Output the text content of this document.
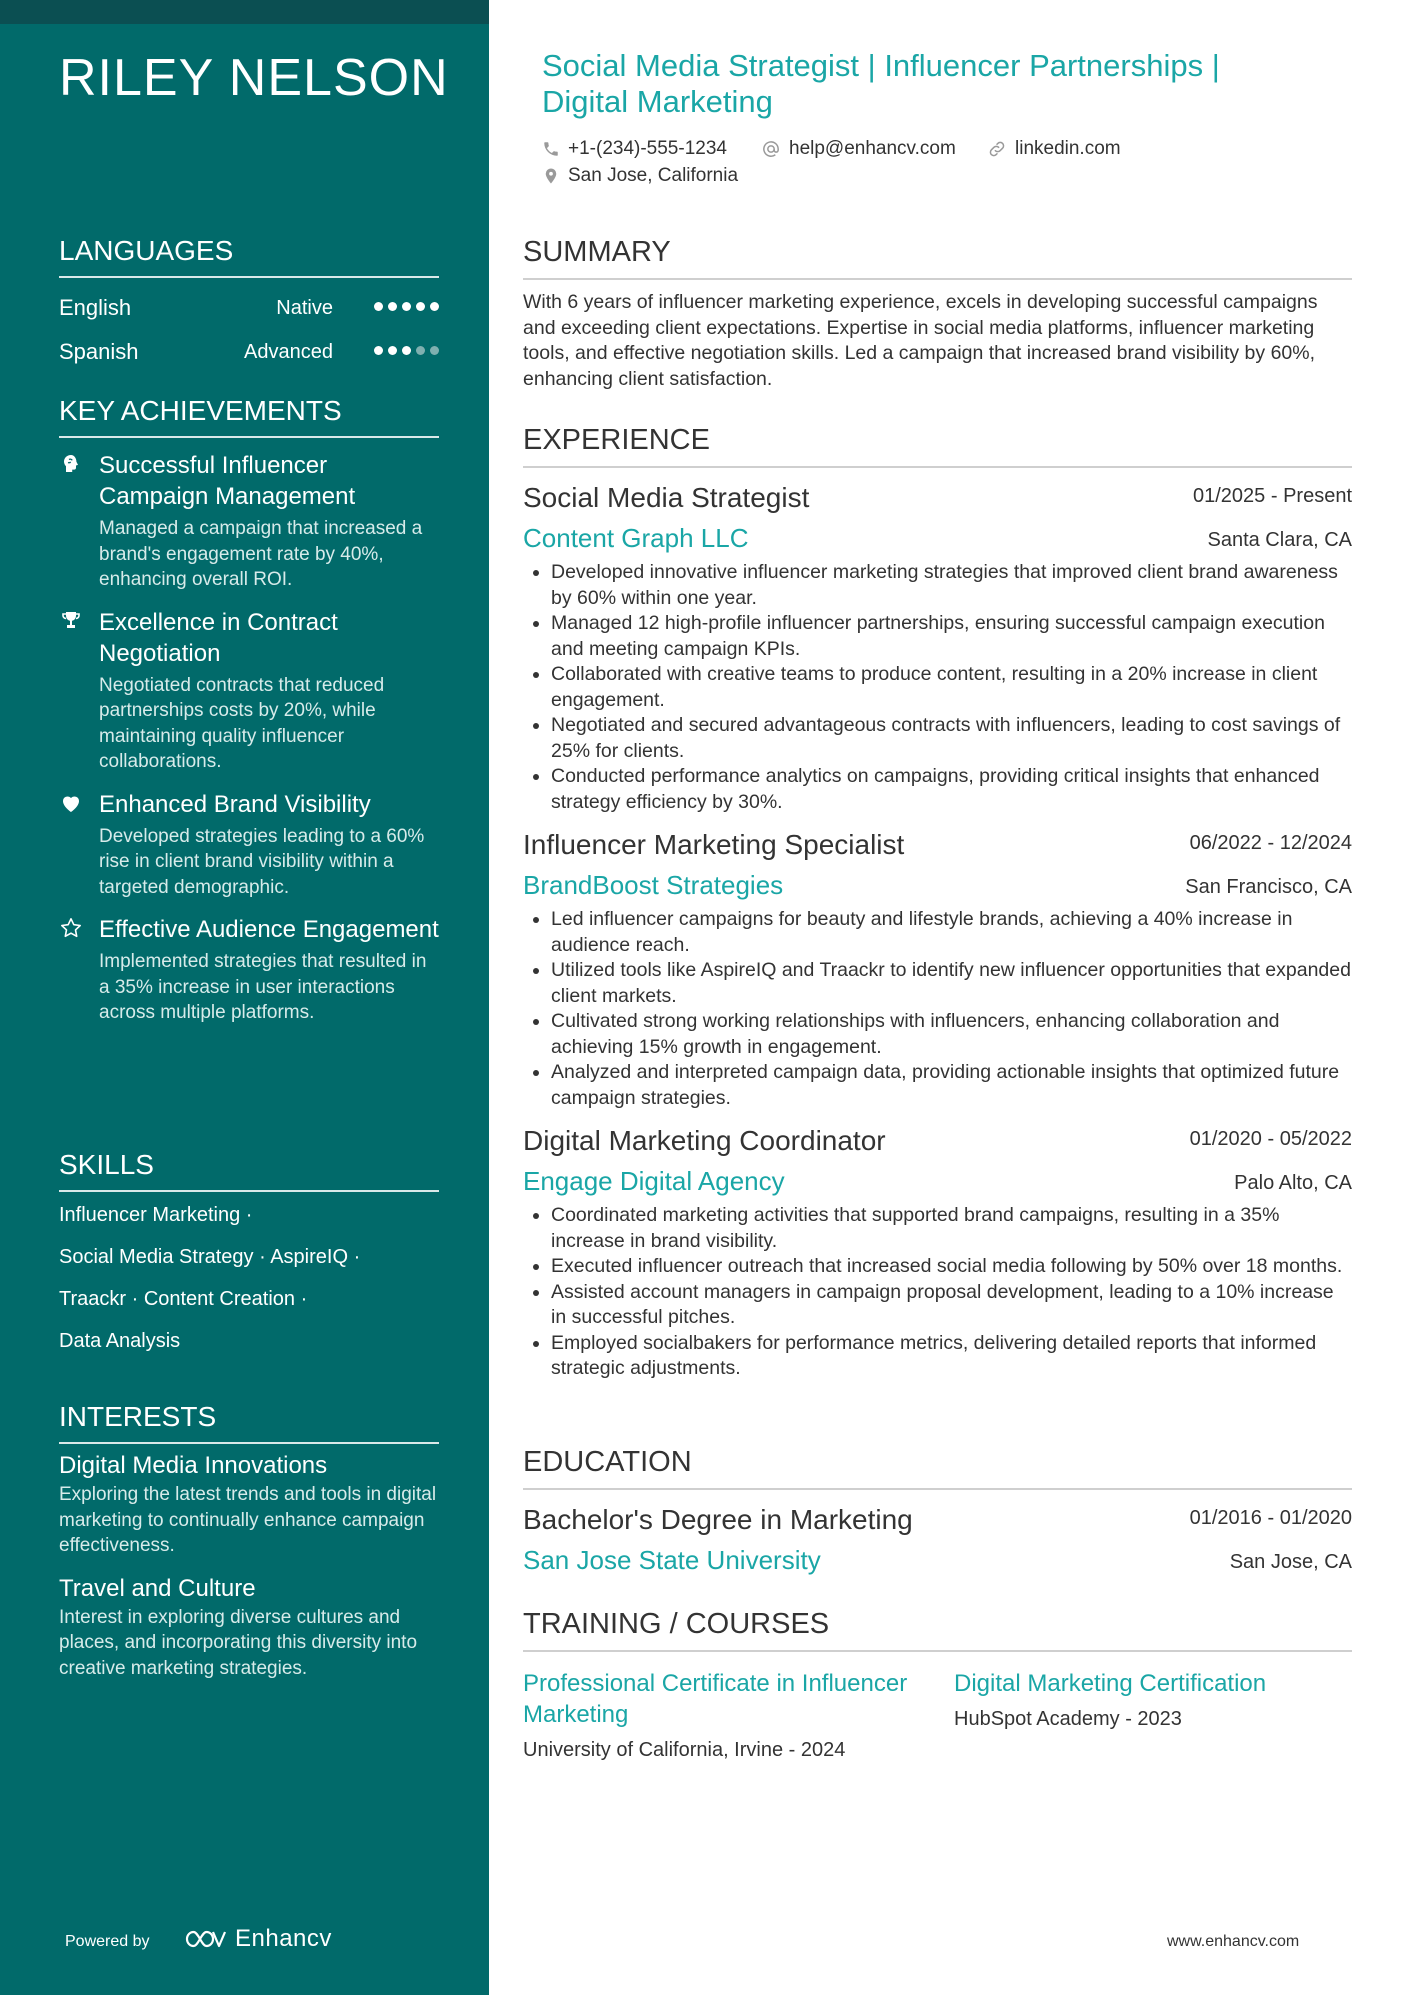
RILEY NELSON
LANGUAGES
English	Native
Spanish	Advanced
KEY ACHIEVEMENTS
Successful Influencer Campaign Management
Managed a campaign that increased a brand's engagement rate by 40%, enhancing overall ROI.
Excellence in Contract Negotiation
Negotiated contracts that reduced partnerships costs by 20%, while maintaining quality influencer collaborations.
Enhanced Brand Visibility
Developed strategies leading to a 60% rise in client brand visibility within a targeted demographic.
Effective Audience Engagement
Implemented strategies that resulted in a 35% increase in user interactions across multiple platforms.
SKILLS
Influencer Marketing ·
Social Media Strategy · AspireIQ ·
Traackr · Content Creation ·
Data Analysis
INTERESTS
Digital Media Innovations
Exploring the latest trends and tools in digital marketing to continually enhance campaign effectiveness.
Travel and Culture
Interest in exploring diverse cultures and places, and incorporating this diversity into creative marketing strategies.
Powered by	Enhancv
Social Media Strategist | Influencer Partnerships | Digital Marketing
+1-(234)-555-1234	help@enhancv.com	linkedin.com
San Jose, California
SUMMARY
With 6 years of influencer marketing experience, excels in developing successful campaigns and exceeding client expectations. Expertise in social media platforms, influencer marketing tools, and effective negotiation skills. Led a campaign that increased brand visibility by 60%, enhancing client satisfaction.
EXPERIENCE
Social Media Strategist	01/2025 - Present
Content Graph LLC	Santa Clara, CA
• Developed innovative influencer marketing strategies that improved client brand awareness by 60% within one year.
• Managed 12 high-profile influencer partnerships, ensuring successful campaign execution and meeting campaign KPIs.
• Collaborated with creative teams to produce content, resulting in a 20% increase in client engagement.
• Negotiated and secured advantageous contracts with influencers, leading to cost savings of 25% for clients.
• Conducted performance analytics on campaigns, providing critical insights that enhanced strategy efficiency by 30%.
Influencer Marketing Specialist	06/2022 - 12/2024
BrandBoost Strategies	San Francisco, CA
• Led influencer campaigns for beauty and lifestyle brands, achieving a 40% increase in audience reach.
• Utilized tools like AspireIQ and Traackr to identify new influencer opportunities that expanded client markets.
• Cultivated strong working relationships with influencers, enhancing collaboration and achieving 15% growth in engagement.
• Analyzed and interpreted campaign data, providing actionable insights that optimized future campaign strategies.
Digital Marketing Coordinator	01/2020 - 05/2022
Engage Digital Agency	Palo Alto, CA
• Coordinated marketing activities that supported brand campaigns, resulting in a 35% increase in brand visibility.
• Executed influencer outreach that increased social media following by 50% over 18 months.
• Assisted account managers in campaign proposal development, leading to a 10% increase in successful pitches.
• Employed socialbakers for performance metrics, delivering detailed reports that informed strategic adjustments.
EDUCATION
Bachelor's Degree in Marketing	01/2016 - 01/2020
San Jose State University	San Jose, CA
TRAINING / COURSES
Professional Certificate in Influencer Marketing
University of California, Irvine - 2024
Digital Marketing Certification
HubSpot Academy - 2023
www.enhancv.com
